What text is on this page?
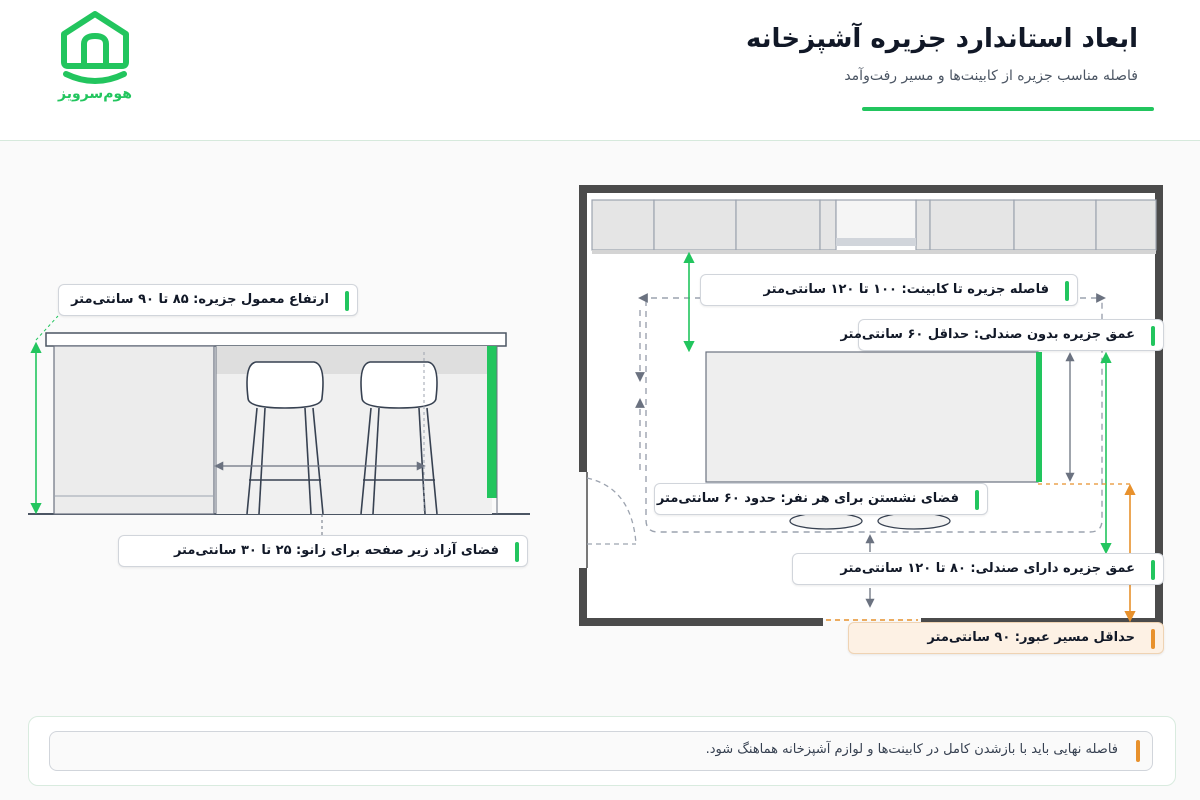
هوم‌سرویز
ابعاد استاندارد جزیره آشپزخانه
فاصله مناسب جزیره از کابینت‌ها و مسیر رفت‌وآمد
ارتفاع معمول جزیره: ۸۵ تا ۹۰ سانتی‌متر
فضای آزاد زیر صفحه برای زانو: ۲۵ تا ۳۰ سانتی‌متر
فاصله جزیره تا کابینت: ۱۰۰ تا ۱۲۰ سانتی‌متر
عمق جزیره بدون صندلی: حداقل ۶۰ سانتی‌متر
فضای نشستن برای هر نفر: حدود ۶۰ سانتی‌متر
عمق جزیره دارای صندلی: ۸۰ تا ۱۲۰ سانتی‌متر
حداقل مسیر عبور: ۹۰ سانتی‌متر
فاصله نهایی باید با بازشدن کامل در کابینت‌ها و لوازم آشپزخانه هماهنگ شود.
